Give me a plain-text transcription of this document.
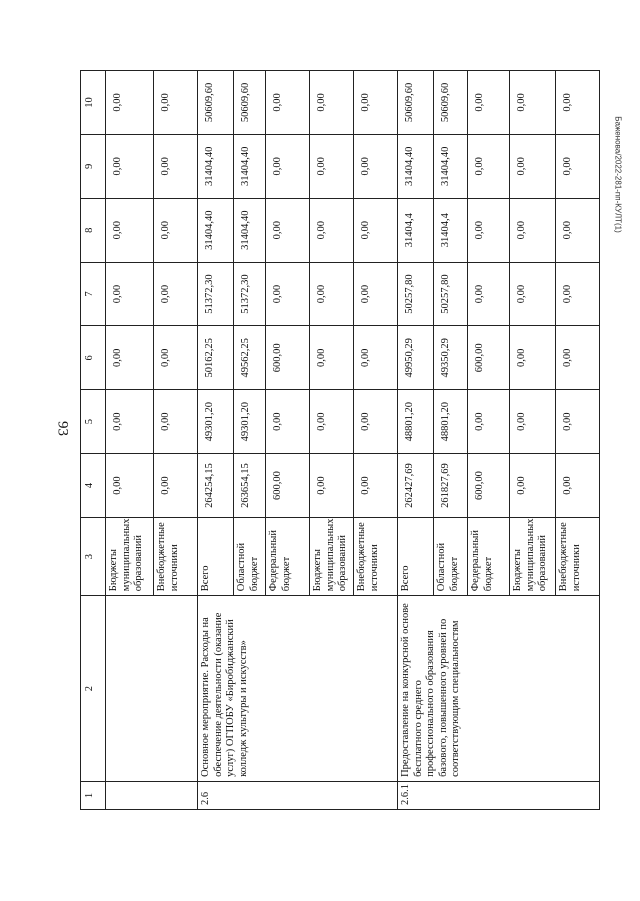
93
Баженова/2022-281-пп-КУЛТ(1)
1	2	3	4	5	6	7	8	9	10
		Бюджеты муниципальных образований	0,00	0,00	0,00	0,00	0,00	0,00	0,00
		Внебюджетные источники	0,00	0,00	0,00	0,00	0,00	0,00	0,00
2.6	Основное мероприятие. Расходы на обеспечение деятельности (оказание услуг) ОГПОБУ «Биробиджанский колледж культуры и искусств»	Всего	264254,15	49301,20	50162,25	51372,30	31404,40	31404,40	50609,60
		Областной бюджет	263654,15	49301,20	49562,25	51372,30	31404,40	31404,40	50609,60
		Федеральный бюджет	600,00	0,00	600,00	0,00	0,00	0,00	0,00
		Бюджеты муниципальных образований	0,00	0,00	0,00	0,00	0,00	0,00	0,00
		Внебюджетные источники	0,00	0,00	0,00	0,00	0,00	0,00	0,00
2.6.1	Предоставление на конкурсной основе бесплатного среднего профессионального образования базового, повышенного уровней по соответствующим специальностям	Всего	262427,69	48801,20	49950,29	50257,80	31404,4	31404,40	50609,60
		Областной бюджет	261827,69	48801,20	49350,29	50257,80	31404,4	31404,40	50609,60
		Федеральный бюджет	600,00	0,00	600,00	0,00	0,00	0,00	0,00
		Бюджеты муниципальных образований	0,00	0,00	0,00	0,00	0,00	0,00	0,00
		Внебюджетные источники	0,00	0,00	0,00	0,00	0,00	0,00	0,00
